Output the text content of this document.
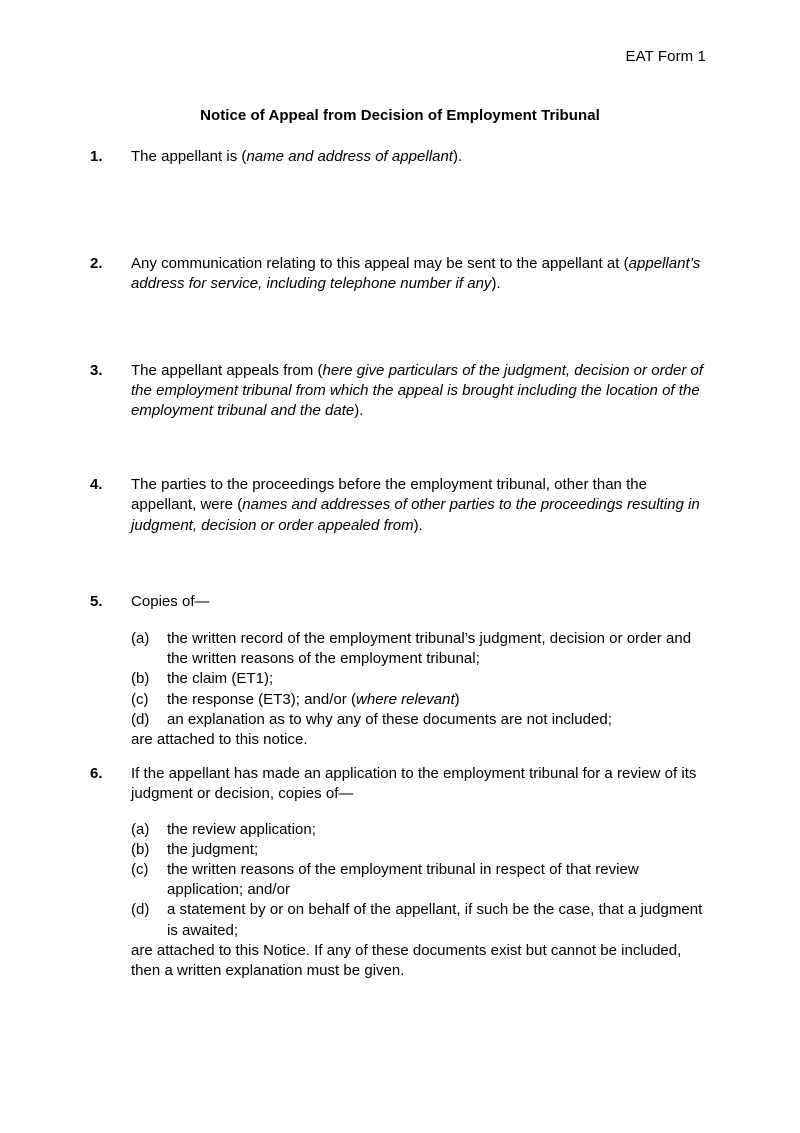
EAT Form 1
Notice of Appeal from Decision of Employment Tribunal
1. The appellant is (name and address of appellant).

2. Any communication relating to this appeal may be sent to the appellant at (appellant’s address for service, including telephone number if any).

3. The appellant appeals from (here give particulars of the judgment, decision or order of the employment tribunal from which the appeal is brought including the location of the employment tribunal and the date).

4. The parties to the proceedings before the employment tribunal, other than the appellant, were (names and addresses of other parties to the proceedings resulting in judgment, decision or order appealed from).

5. Copies of—

(a) the written record of the employment tribunal’s judgment, decision or order and the written reasons of the employment tribunal;
(b) the claim (ET1);
(c) the response (ET3); and/or (where relevant)
(d) an explanation as to why any of these documents are not included;

are attached to this notice.

6. If the appellant has made an application to the employment tribunal for a review of its judgment or decision, copies of—

(a) the review application;
(b) the judgment;
(c) the written reasons of the employment tribunal in respect of that review application; and/or
(d) a statement by or on behalf of the appellant, if such be the case, that a judgment is awaited;

are attached to this Notice. If any of these documents exist but cannot be included, then a written explanation must be given.
